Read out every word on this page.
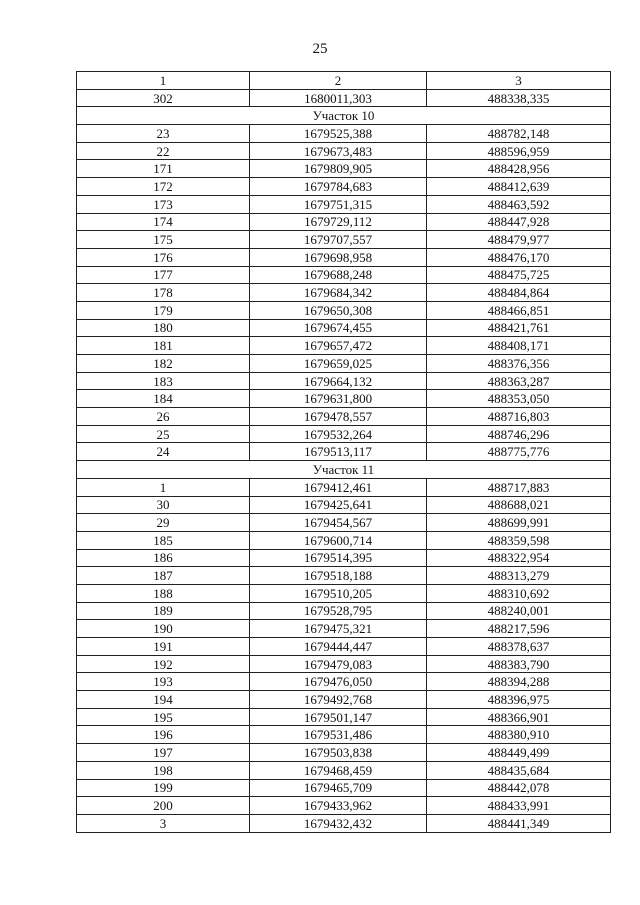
25
1	2	3
302	1680011,303	488338,335
Участок 10		
23	1679525,388	488782,148
22	1679673,483	488596,959
171	1679809,905	488428,956
172	1679784,683	488412,639
173	1679751,315	488463,592
174	1679729,112	488447,928
175	1679707,557	488479,977
176	1679698,958	488476,170
177	1679688,248	488475,725
178	1679684,342	488484,864
179	1679650,308	488466,851
180	1679674,455	488421,761
181	1679657,472	488408,171
182	1679659,025	488376,356
183	1679664,132	488363,287
184	1679631,800	488353,050
26	1679478,557	488716,803
25	1679532,264	488746,296
24	1679513,117	488775,776
Участок 11		
1	1679412,461	488717,883
30	1679425,641	488688,021
29	1679454,567	488699,991
185	1679600,714	488359,598
186	1679514,395	488322,954
187	1679518,188	488313,279
188	1679510,205	488310,692
189	1679528,795	488240,001
190	1679475,321	488217,596
191	1679444,447	488378,637
192	1679479,083	488383,790
193	1679476,050	488394,288
194	1679492,768	488396,975
195	1679501,147	488366,901
196	1679531,486	488380,910
197	1679503,838	488449,499
198	1679468,459	488435,684
199	1679465,709	488442,078
200	1679433,962	488433,991
3	1679432,432	488441,349
